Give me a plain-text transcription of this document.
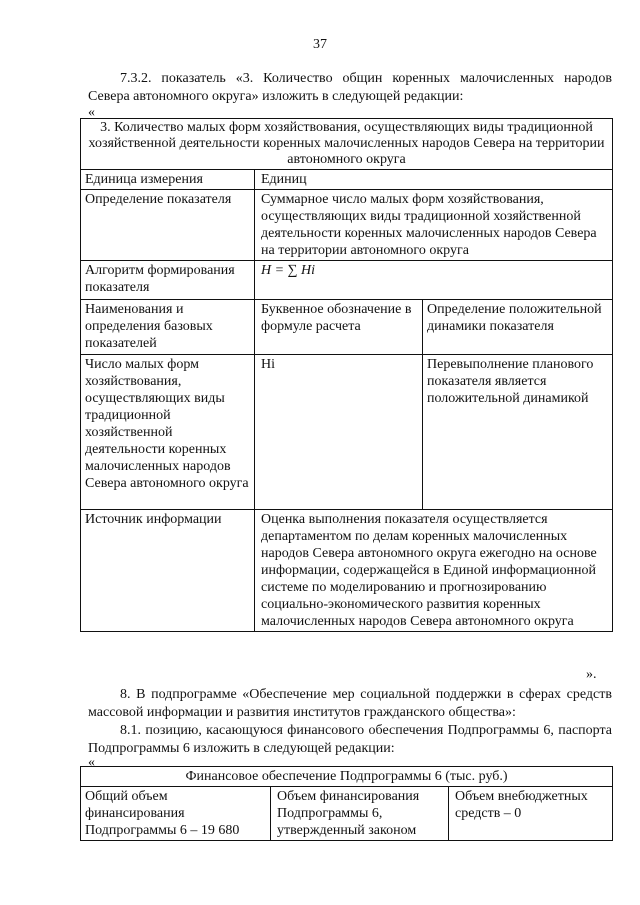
37
7.3.2. показатель «3. Количество общин коренных малочисленных народов Севера автономного округа» изложить в следующей редакции:
«
3. Количество малых форм хозяйствования, осуществляющих виды традиционной хозяйственной деятельности коренных малочисленных народов Севера на территории автономного округа		
Единица измерения	Единиц	
Определение показателя	Суммарное число малых форм хозяйствования, осуществляющих виды традиционной хозяйственной деятельности коренных малочисленных народов Севера на территории автономного округа	
Алгоритм формирования показателя	H = ∑ Hi	
Наименования и определения базовых показателей	Буквенное обозначение в формуле расчета	Определение положительной динамики показателя
Число малых форм хозяйствования, осуществляющих виды традиционной хозяйственной деятельности коренных малочисленных народов Севера автономного округа	Hi	Перевыполнение планового показателя является положительной динамикой
Источник информации	Оценка выполнения показателя осуществляется департаментом по делам коренных малочисленных народов Севера автономного округа ежегодно на основе информации, содержащейся в Единой информационной системе по моделированию и прогнозированию социально-экономического развития коренных малочисленных народов Севера автономного округа	
».
8. В подпрограмме «Обеспечение мер социальной поддержки в сферах средств массовой информации и развития институтов гражданского общества»:
8.1. позицию, касающуюся финансового обеспечения Подпрограммы 6, паспорта Подпрограммы 6 изложить в следующей редакции:
«
Финансовое обеспечение Подпрограммы 6 (тыс. руб.)
Общий объем финансирования Подпрограммы 6 – 19 680	Объем финансирования Подпрограммы 6, утвержденный законом	Объем внебюджетных средств – 0
